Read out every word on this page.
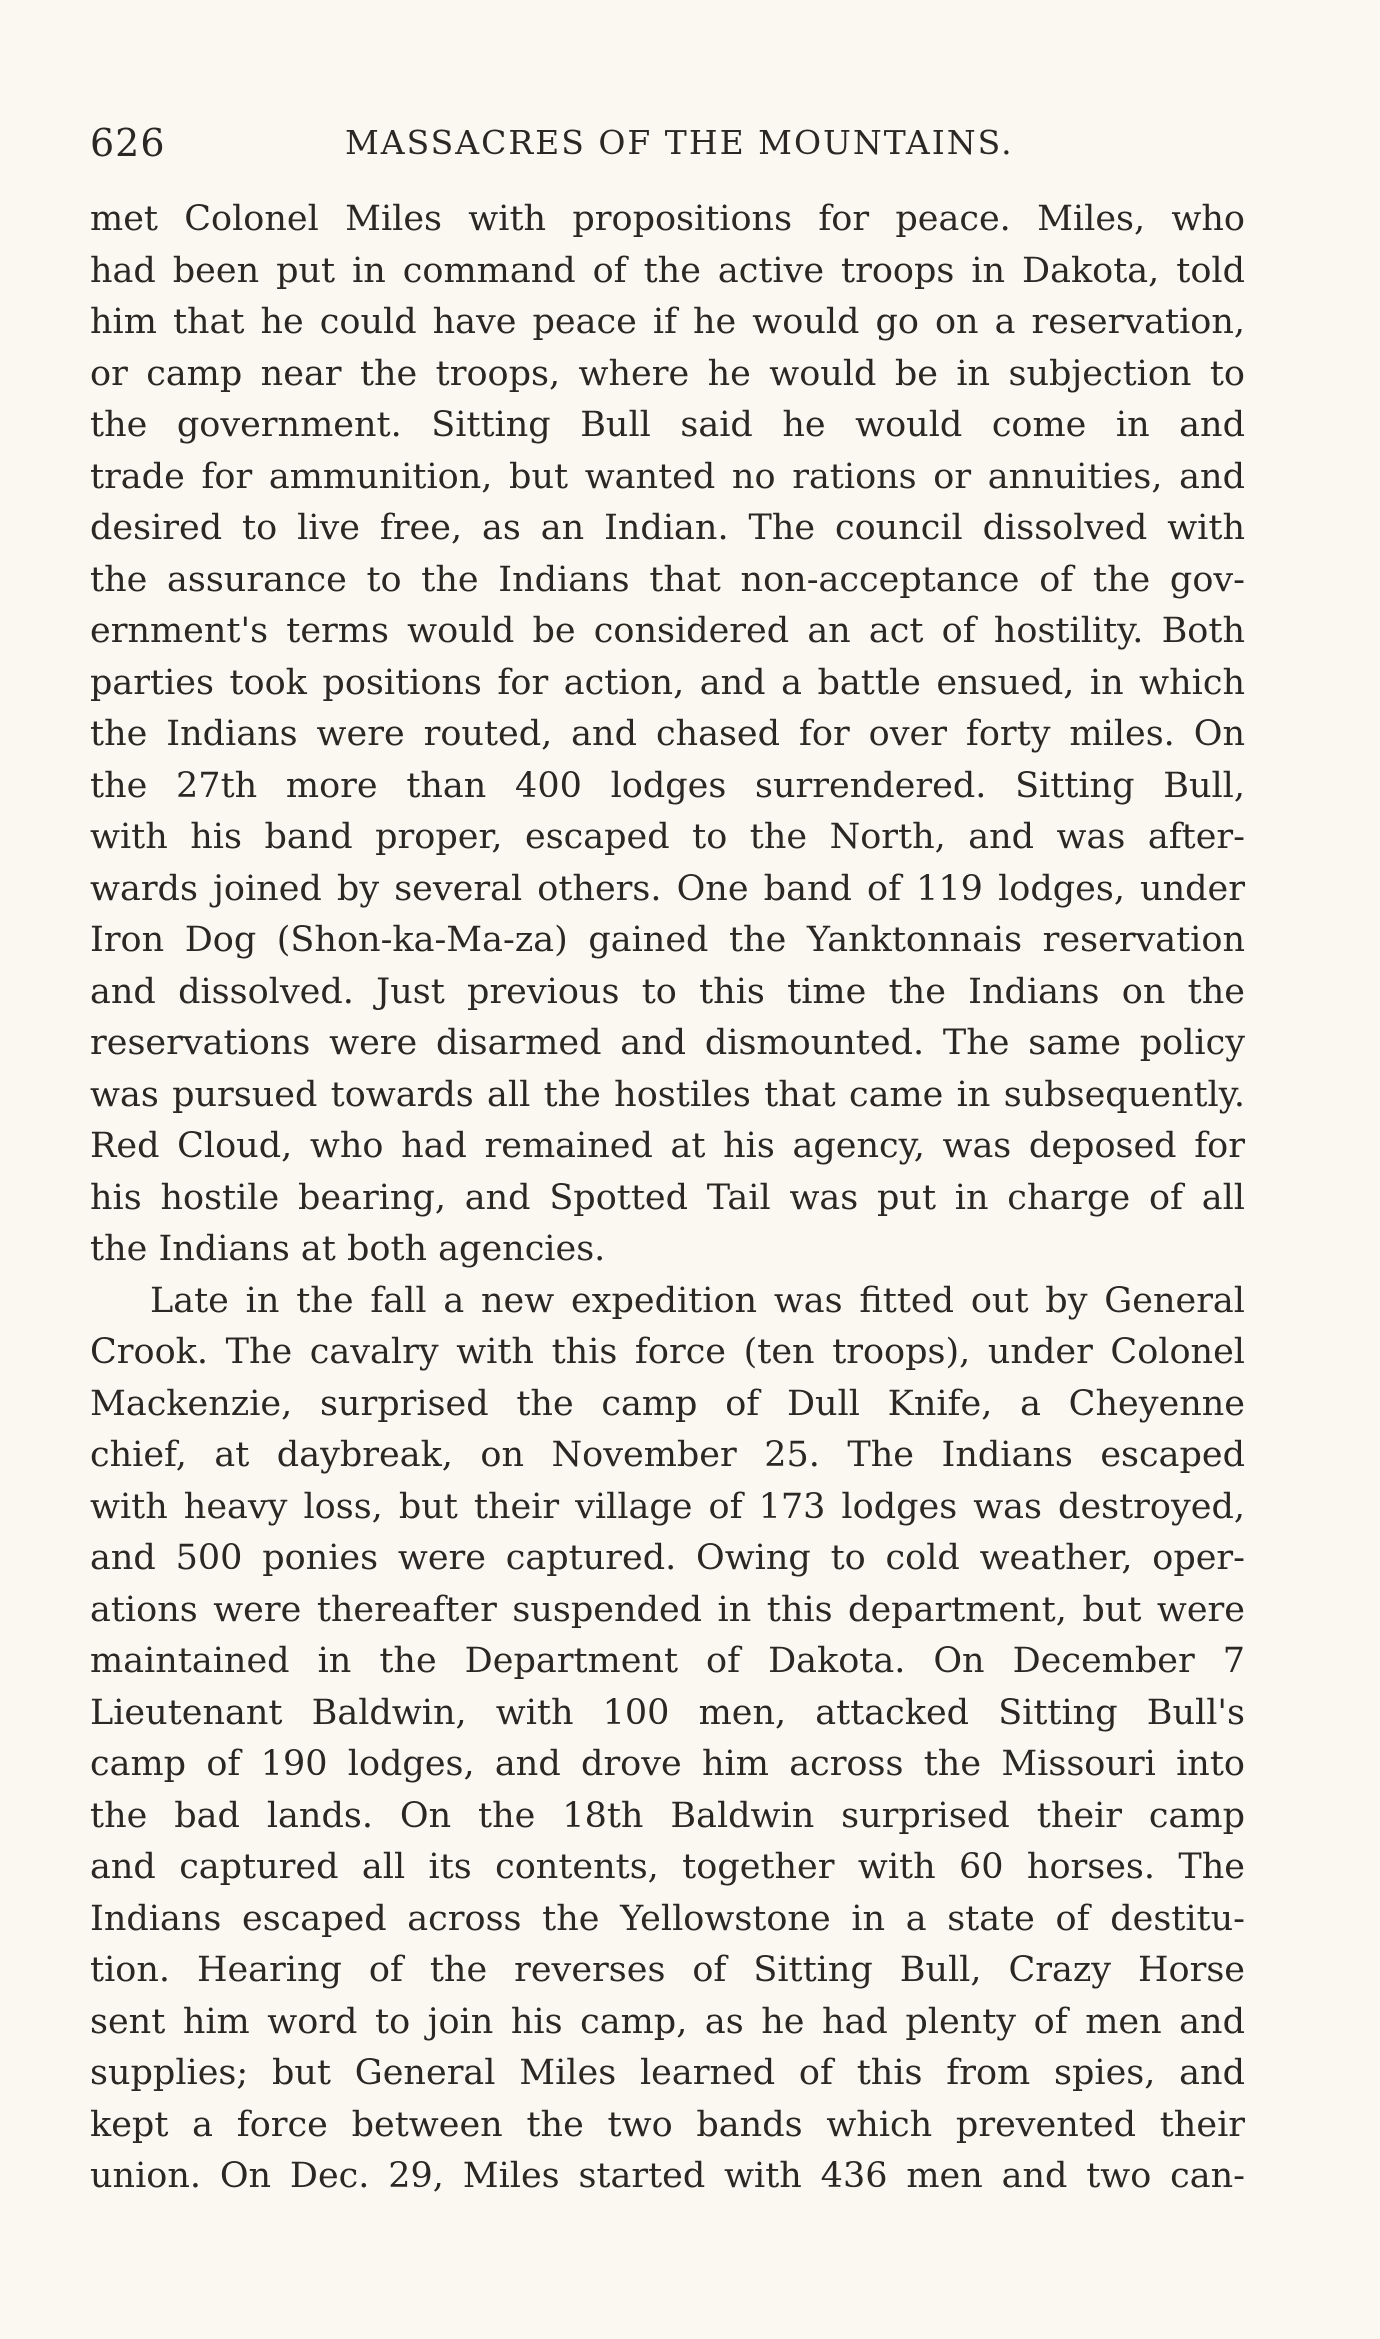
626	MASSACRES OF THE MOUNTAINS.
met Colonel Miles with propositions for peace. Miles, who
had been put in command of the active troops in Dakota, told
him that he could have peace if he would go on a reservation,
or camp near the troops, where he would be in subjection to
the government. Sitting Bull said he would come in and
trade for ammunition, but wanted no rations or annuities, and
desired to live free, as an Indian. The council dissolved with
the assurance to the Indians that non-acceptance of the gov-
ernment's terms would be considered an act of hostility. Both
parties took positions for action, and a battle ensued, in which
the Indians were routed, and chased for over forty miles. On
the 27th more than 400 lodges surrendered. Sitting Bull,
with his band proper, escaped to the North, and was after-
wards joined by several others. One band of 119 lodges, under
Iron Dog (Shon-ka-Ma-za) gained the Yanktonnais reservation
and dissolved. Just previous to this time the Indians on the
reservations were disarmed and dismounted. The same policy
was pursued towards all the hostiles that came in subsequently.
Red Cloud, who had remained at his agency, was deposed for
his hostile bearing, and Spotted Tail was put in charge of all
the Indians at both agencies.
Late in the fall a new expedition was fitted out by General
Crook. The cavalry with this force (ten troops), under Colonel
Mackenzie, surprised the camp of Dull Knife, a Cheyenne
chief, at daybreak, on November 25. The Indians escaped
with heavy loss, but their village of 173 lodges was destroyed,
and 500 ponies were captured. Owing to cold weather, oper-
ations were thereafter suspended in this department, but were
maintained in the Department of Dakota. On December 7
Lieutenant Baldwin, with 100 men, attacked Sitting Bull's
camp of 190 lodges, and drove him across the Missouri into
the bad lands. On the 18th Baldwin surprised their camp
and captured all its contents, together with 60 horses. The
Indians escaped across the Yellowstone in a state of destitu-
tion. Hearing of the reverses of Sitting Bull, Crazy Horse
sent him word to join his camp, as he had plenty of men and
supplies; but General Miles learned of this from spies, and
kept a force between the two bands which prevented their
union. On Dec. 29, Miles started with 436 men and two can-
